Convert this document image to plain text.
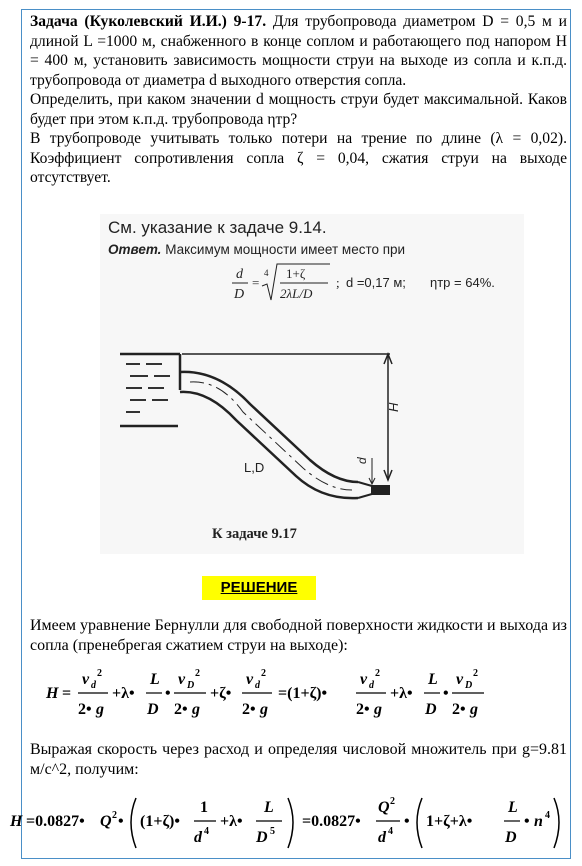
Задача (Куколевский И.И.) 9-17. Для трубопровода диаметром D = 0,5 м и длиной L =1000 м, снабженного в конце соплом и работающего под напором H = 400 м, установить зависимость мощности струи на выходе из сопла и к.п.д. трубопровода от диаметра d выходного отверстия сопла.

Определить, при каком значении d мощность струи будет максимальной. Каков будет при этом к.п.д. трубопровода ηтр?

В трубопроводе учитывать только потери на трение по длине (λ = 0,02). Коэффициент сопротивления сопла ζ = 0,04, сжатия струи на выходе отсутствует.

См. указание к задаче 9.14.
Ответ. Максимум мощности имеет место при
d
D
=
4 1+ζ
2λL/D
; d =0,17 м; ηтр = 64%.
H
L,D	d
К задаче 9.17
РЕШЕНИЕ
Имеем уравнение Бернулли для свободной поверхности жидкости и выхода из сопла (пренебрегая сжатием струи на выходе):
H =
v d
2
2• g
+λ•
L
D
•
v D
2
2• g
+ζ•
v d
2
2• g
=(1+ζ)•
v d
2
2• g
+λ•
L
D
•
v D
2
2• g
Выражая скорость через расход и определяя числовой множитель при g=9.81 м/с^2, получим:
H =0.0827• Q 2 • (1+ζ)•
1
d 4
+λ•
L
D 5
=0.0827•
Q 2
d 4
• 1+ζ+λ•
L
D
• n 4
